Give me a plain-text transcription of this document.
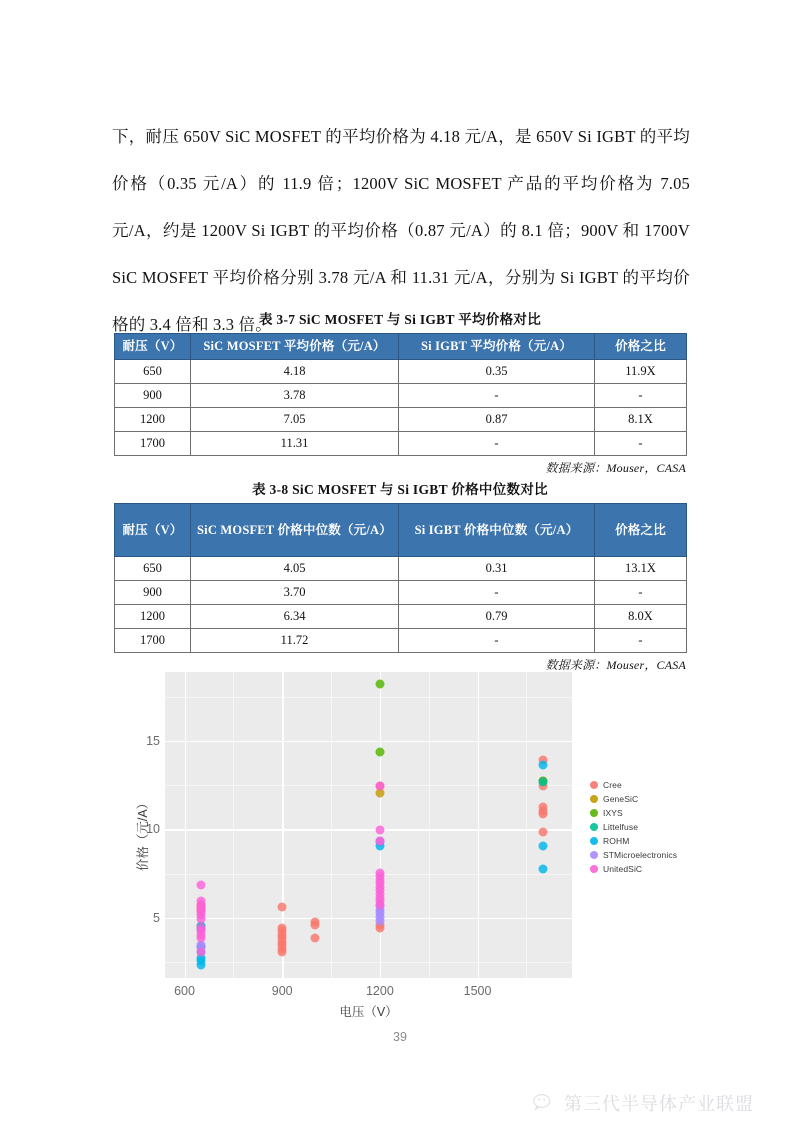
下，耐压 650V SiC MOSFET 的平均价格为 4.18 元/A，是 650V Si IGBT 的平均价格（0.35 元/A）的 11.9 倍；1200V SiC MOSFET 产品的平均价格为 7.05 元/A，约是 1200V Si IGBT 的平均价格（0.87 元/A）的 8.1 倍；900V 和 1700V SiC MOSFET 平均价格分别 3.78 元/A 和 11.31 元/A，分别为 Si IGBT 的平均价格的 3.4 倍和 3.3 倍。

表 3-7 SiC MOSFET 与 Si IGBT 平均价格对比
耐压（V）	SiC MOSFET 平均价格（元/A）	Si IGBT 平均价格（元/A）	价格之比
650	4.18	0.35	11.9X
900	3.78	-	-
1200	7.05	0.87	8.1X
1700	11.31	-	-
数据来源：Mouser，CASA
表 3-8 SiC MOSFET 与 Si IGBT 价格中位数对比
耐压（V）	SiC MOSFET 价格中位数（元/A）	Si IGBT 价格中位数（元/A）	价格之比
650	4.05	0.31	13.1X
900	3.70	-	-
1200	6.34	0.79	8.0X
1700	11.72	-	-
数据来源：Mouser，CASA
600	900	1200	1500
5
10
15
电压（V）
价格（元/A）
Cree
GeneSiC
IXYS
Littelfuse
ROHM
STMicroelectronics
UnitedSiC
39
第三代半导体产业联盟
